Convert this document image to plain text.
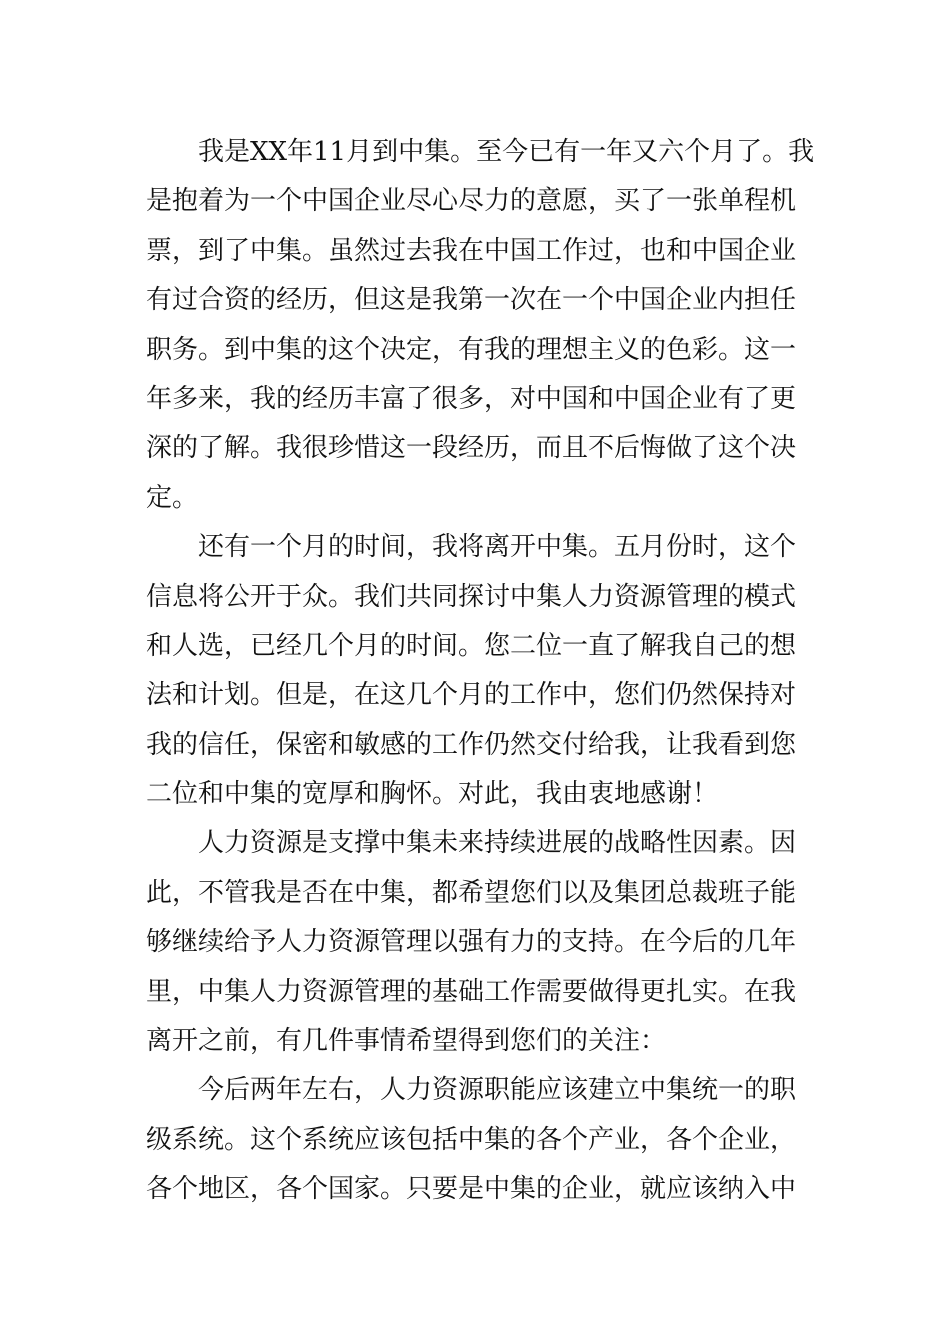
　　我是XX年11月到中集。至今已有一年又六个月了。我
是抱着为一个中国企业尽心尽力的意愿，买了一张单程机
票，到了中集。虽然过去我在中国工作过，也和中国企业
有过合资的经历，但这是我第一次在一个中国企业内担任
职务。到中集的这个决定，有我的理想主义的色彩。这一
年多来，我的经历丰富了很多，对中国和中国企业有了更
深的了解。我很珍惜这一段经历，而且不后悔做了这个决
定。
　　还有一个月的时间，我将离开中集。五月份时，这个
信息将公开于众。我们共同探讨中集人力资源管理的模式
和人选，已经几个月的时间。您二位一直了解我自己的想
法和计划。但是，在这几个月的工作中，您们仍然保持对
我的信任，保密和敏感的工作仍然交付给我，让我看到您
二位和中集的宽厚和胸怀。对此，我由衷地感谢！
　　人力资源是支撑中集未来持续进展的战略性因素。因
此，不管我是否在中集，都希望您们以及集团总裁班子能
够继续给予人力资源管理以强有力的支持。在今后的几年
里，中集人力资源管理的基础工作需要做得更扎实。在我
离开之前，有几件事情希望得到您们的关注：
　　今后两年左右，人力资源职能应该建立中集统一的职
级系统。这个系统应该包括中集的各个产业，各个企业，
各个地区，各个国家。只要是中集的企业，就应该纳入中
